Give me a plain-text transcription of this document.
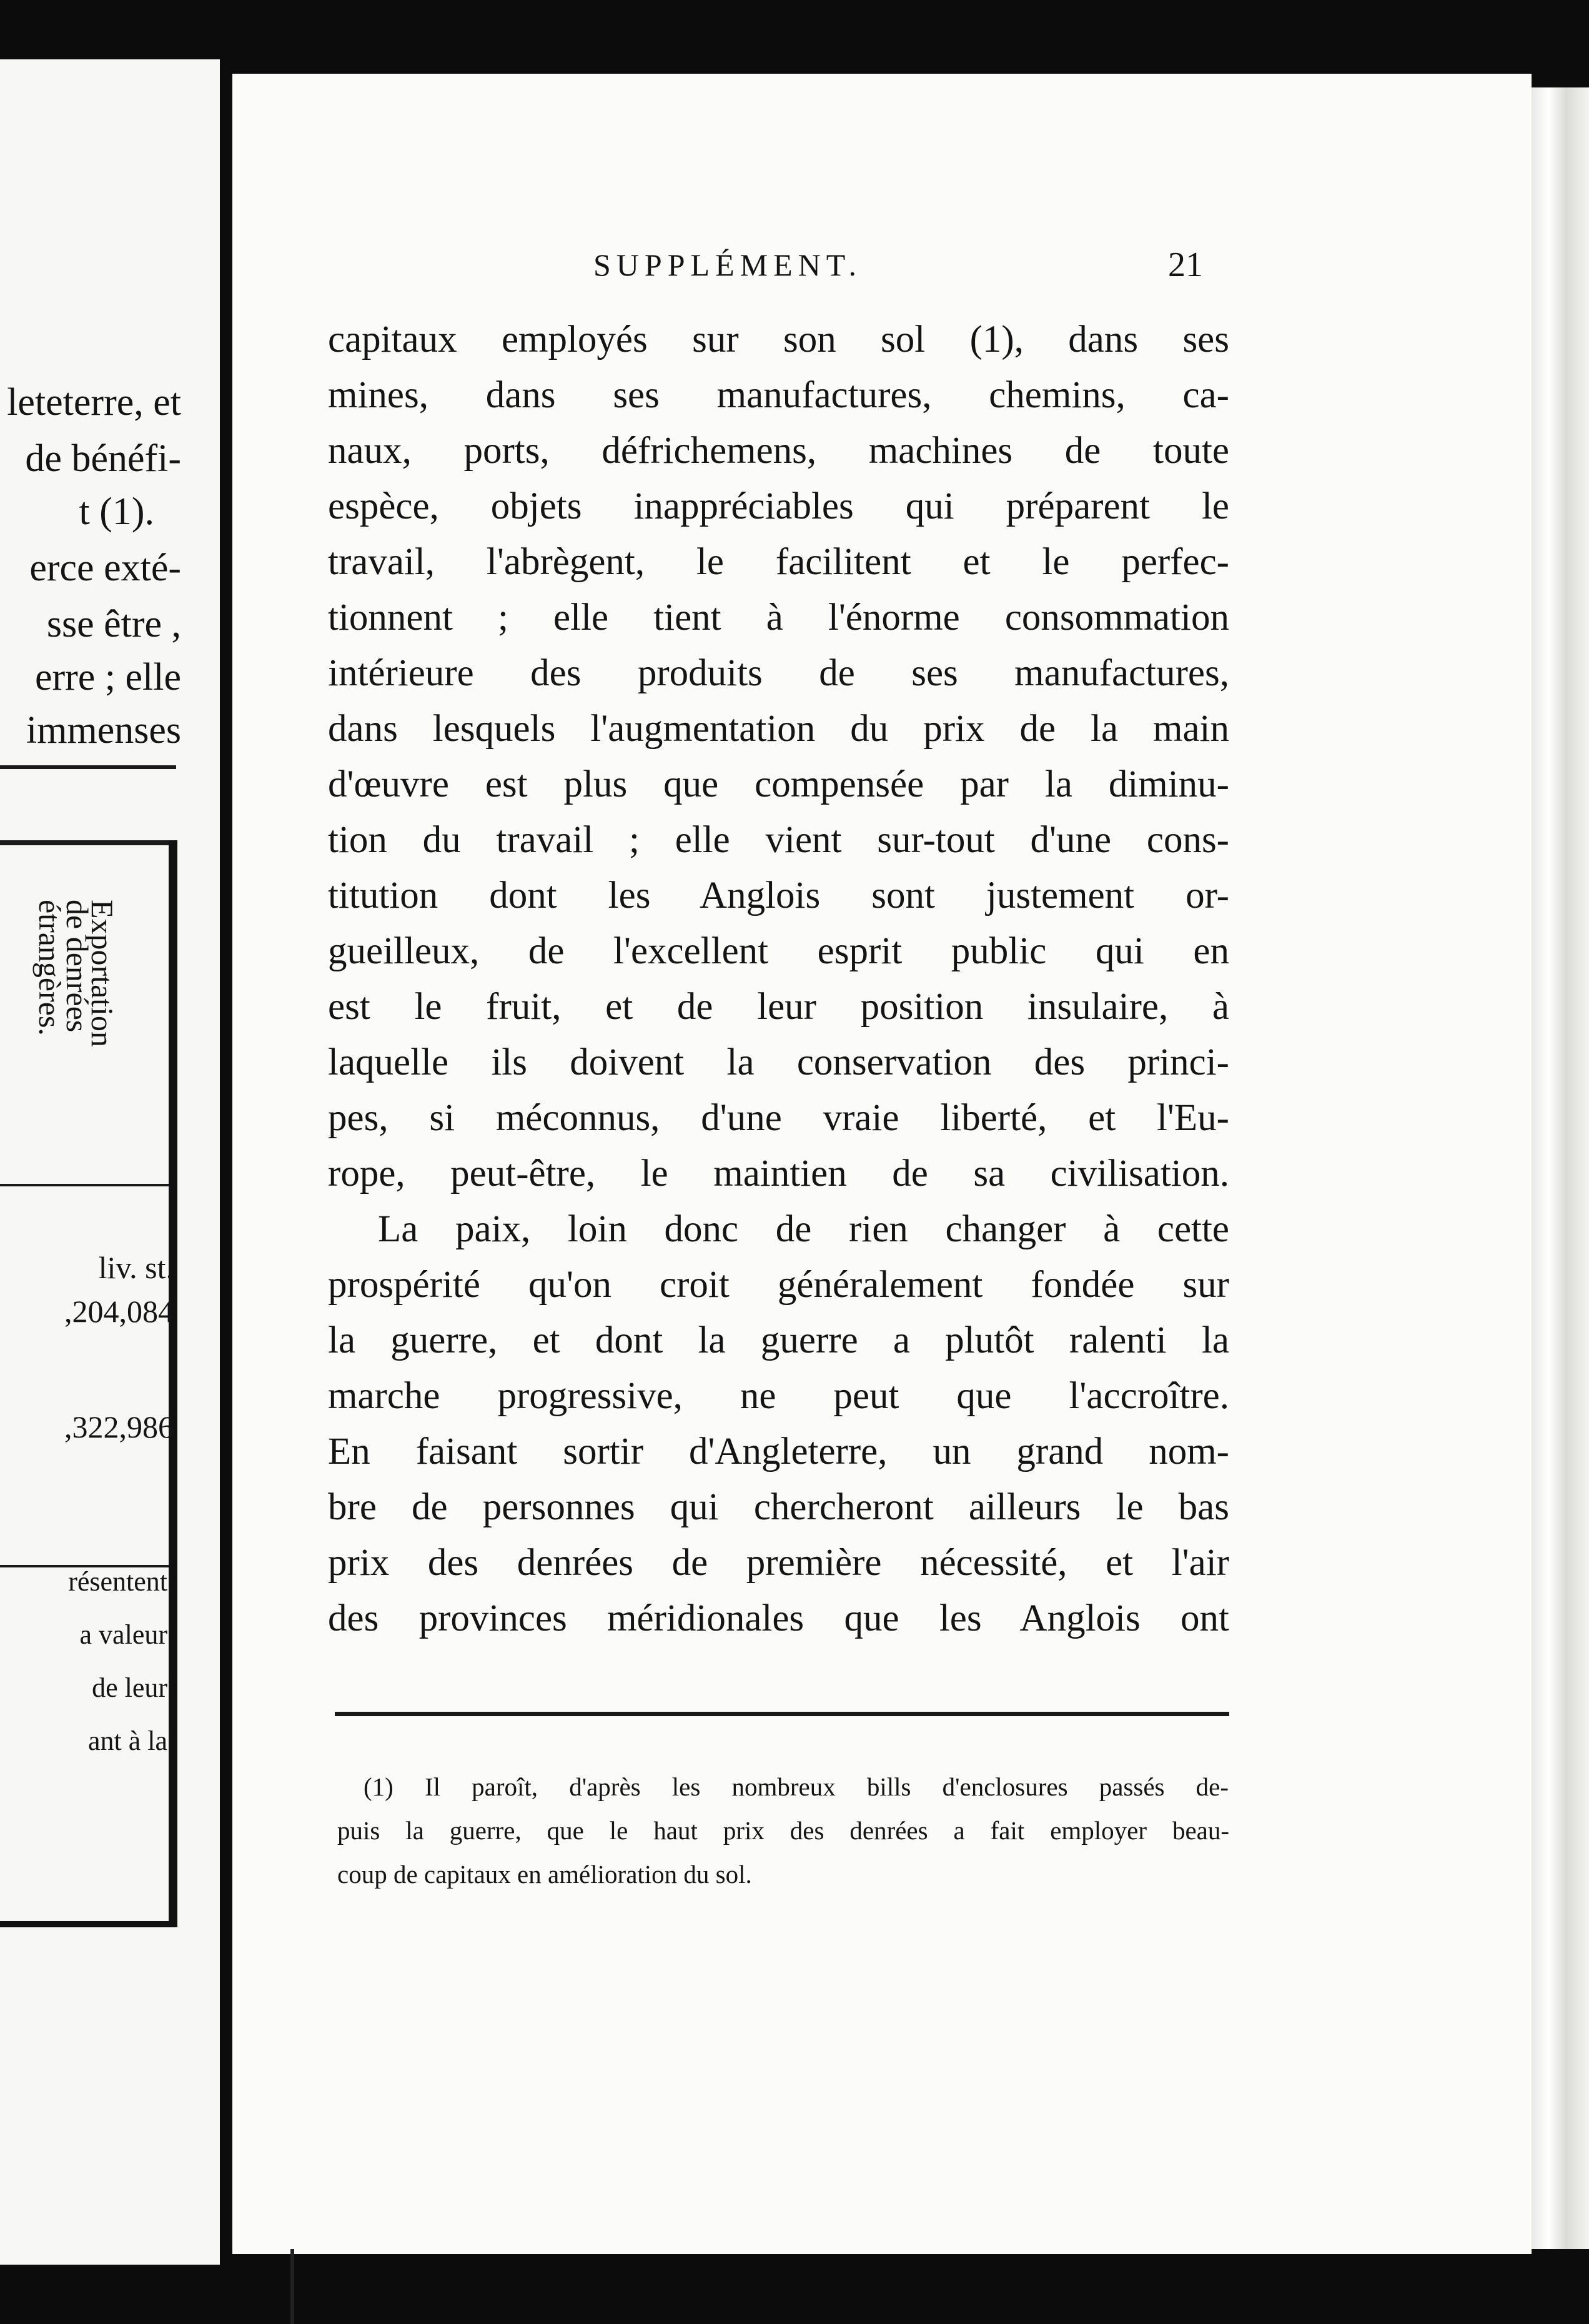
leteterre, et

de bénéfi-

t (1).

erce exté-

sse être ,

erre ; elle

immenses

Exportation
de denrées
étrangères.

liv. st.

,204,084

,322,986

résentent

a valeur

de leur

ant à la

SUPPLÉMENT.	21

capitaux employés sur son sol (1), dans ses

mines, dans ses manufactures, chemins, ca-

naux, ports, défrichemens, machines de toute

espèce, objets inappréciables qui préparent le

travail, l'abrègent, le facilitent et le perfec-

tionnent ; elle tient à l'énorme consommation

intérieure des produits de ses manufactures,

dans lesquels l'augmentation du prix de la main

d'œuvre est plus que compensée par la diminu-

tion du travail ; elle vient sur-tout d'une cons-

titution dont les Anglois sont justement or-

gueilleux, de l'excellent esprit public qui en

est le fruit, et de leur position insulaire, à

laquelle ils doivent la conservation des princi-

pes, si méconnus, d'une vraie liberté, et l'Eu-

rope, peut-être, le maintien de sa civilisation.

La paix, loin donc de rien changer à cette

prospérité qu'on croit généralement fondée sur

la guerre, et dont la guerre a plutôt ralenti la

marche progressive, ne peut que l'accroître.

En faisant sortir d'Angleterre, un grand nom-

bre de personnes qui chercheront ailleurs le bas

prix des denrées de première nécessité, et l'air

des provinces méridionales que les Anglois ont

(1) Il paroît, d'après les nombreux bills d'enclosures passés de-

puis la guerre, que le haut prix des denrées a fait employer beau-

coup de capitaux en amélioration du sol.
